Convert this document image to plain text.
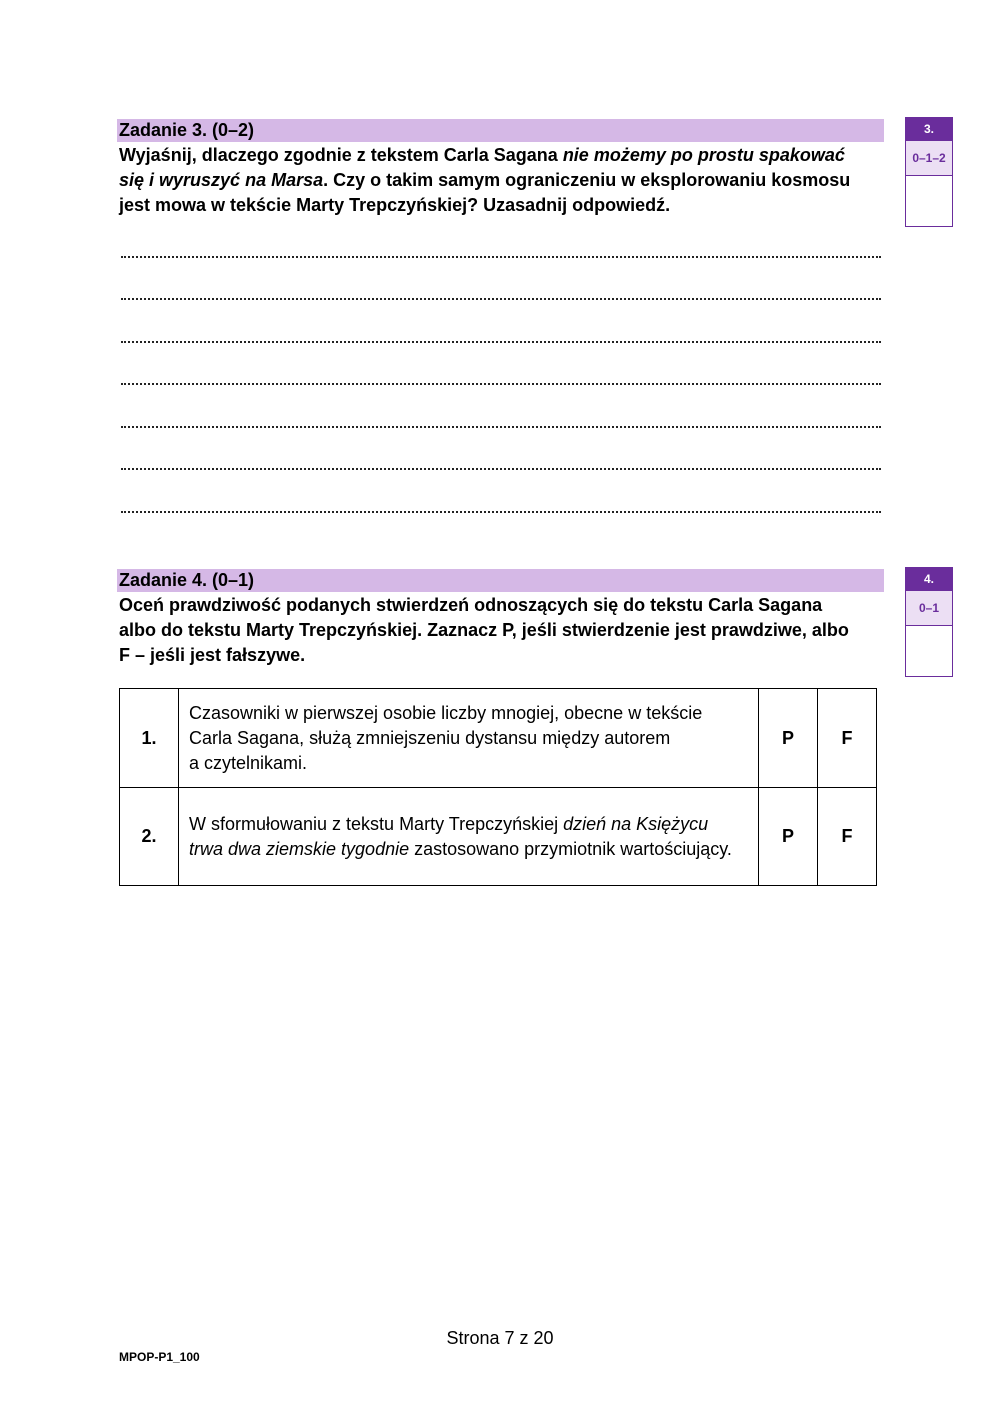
Zadanie 3. (0–2)
Wyjaśnij, dlaczego zgodnie z tekstem Carla Sagana nie możemy po prostu spakować
się i wyruszyć na Marsa. Czy o takim samym ograniczeniu w eksplorowaniu kosmosu
jest mowa w tekście Marty Trepczyńskiej? Uzasadnij odpowiedź.
3.
0–1–2
Zadanie 4. (0–1)
Oceń prawdziwość podanych stwierdzeń odnoszących się do tekstu Carla Sagana
albo do tekstu Marty Trepczyńskiej. Zaznacz P, jeśli stwierdzenie jest prawdziwe, albo
F – jeśli jest fałszywe.
4.
0–1
1.	Czasowniki w pierwszej osobie liczby mnogiej, obecne w tekście
Carla Sagana, służą zmniejszeniu dystansu między autorem
a czytelnikami.	P	F
2.	W sformułowaniu z tekstu Marty Trepczyńskiej dzień na Księżycu
trwa dwa ziemskie tygodnie zastosowano przymiotnik wartościujący.	P	F
Strona 7 z 20
MPOP-P1_100
